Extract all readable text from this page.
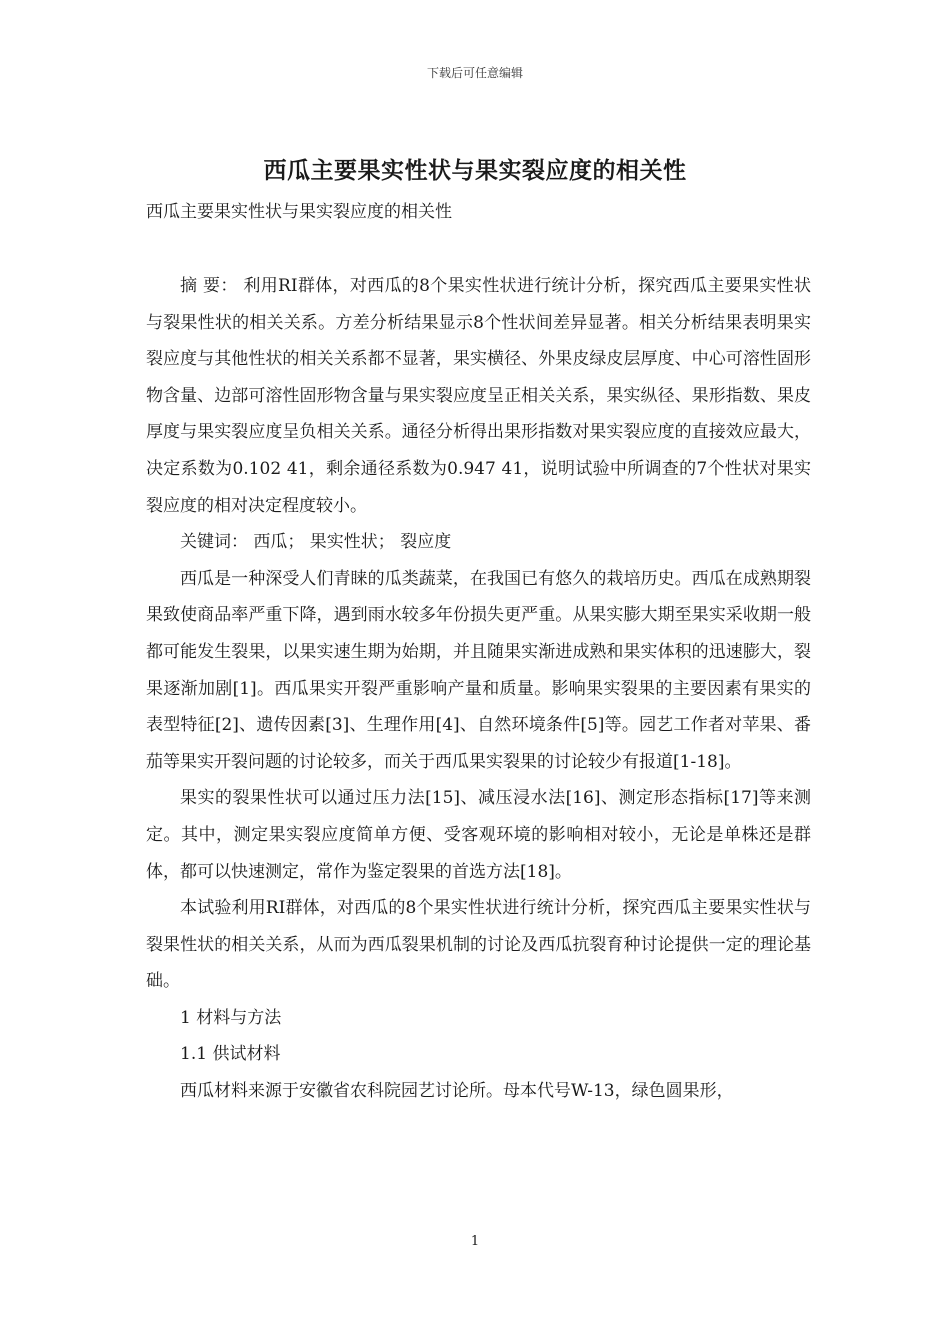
下载后可任意编辑
西瓜主要果实性状与果实裂应度的相关性
西瓜主要果实性状与果实裂应度的相关性

摘 要： 利用RI群体，对西瓜的8个果实性状进行统计分析，探究西瓜主要果实性状与裂果性状的相关关系。方差分析结果显示8个性状间差异显著。相关分析结果表明果实裂应度与其他性状的相关关系都不显著，果实横径、外果皮绿皮层厚度、中心可溶性固形物含量、边部可溶性固形物含量与果实裂应度呈正相关关系，果实纵径、果形指数、果皮厚度与果实裂应度呈负相关关系。通径分析得出果形指数对果实裂应度的直接效应最大，决定系数为0.102 41，剩余通径系数为0.947 41，说明试验中所调查的7个性状对果实裂应度的相对决定程度较小。

关键词： 西瓜； 果实性状； 裂应度

西瓜是一种深受人们青睐的瓜类蔬菜，在我国已有悠久的栽培历史。西瓜在成熟期裂果致使商品率严重下降，遇到雨水较多年份损失更严重。从果实膨大期至果实采收期一般都可能发生裂果，以果实速生期为始期，并且随果实渐进成熟和果实体积的迅速膨大，裂果逐渐加剧[1]。西瓜果实开裂严重影响产量和质量。影响果实裂果的主要因素有果实的表型特征[2]、遗传因素[3]、生理作用[4]、自然环境条件[5]等。园艺工作者对苹果、番茄等果实开裂问题的讨论较多，而关于西瓜果实裂果的讨论较少有报道[1-18]。

果实的裂果性状可以通过压力法[15]、减压浸水法[16]、测定形态指标[17]等来测定。其中，测定果实裂应度简单方便、受客观环境的影响相对较小，无论是单株还是群体，都可以快速测定，常作为鉴定裂果的首选方法[18]。

本试验利用RI群体，对西瓜的8个果实性状进行统计分析，探究西瓜主要果实性状与裂果性状的相关关系，从而为西瓜裂果机制的讨论及西瓜抗裂育种讨论提供一定的理论基础。

1 材料与方法

1.1 供试材料

西瓜材料来源于安徽省农科院园艺讨论所。母本代号W-13，绿色圆果形，

1
